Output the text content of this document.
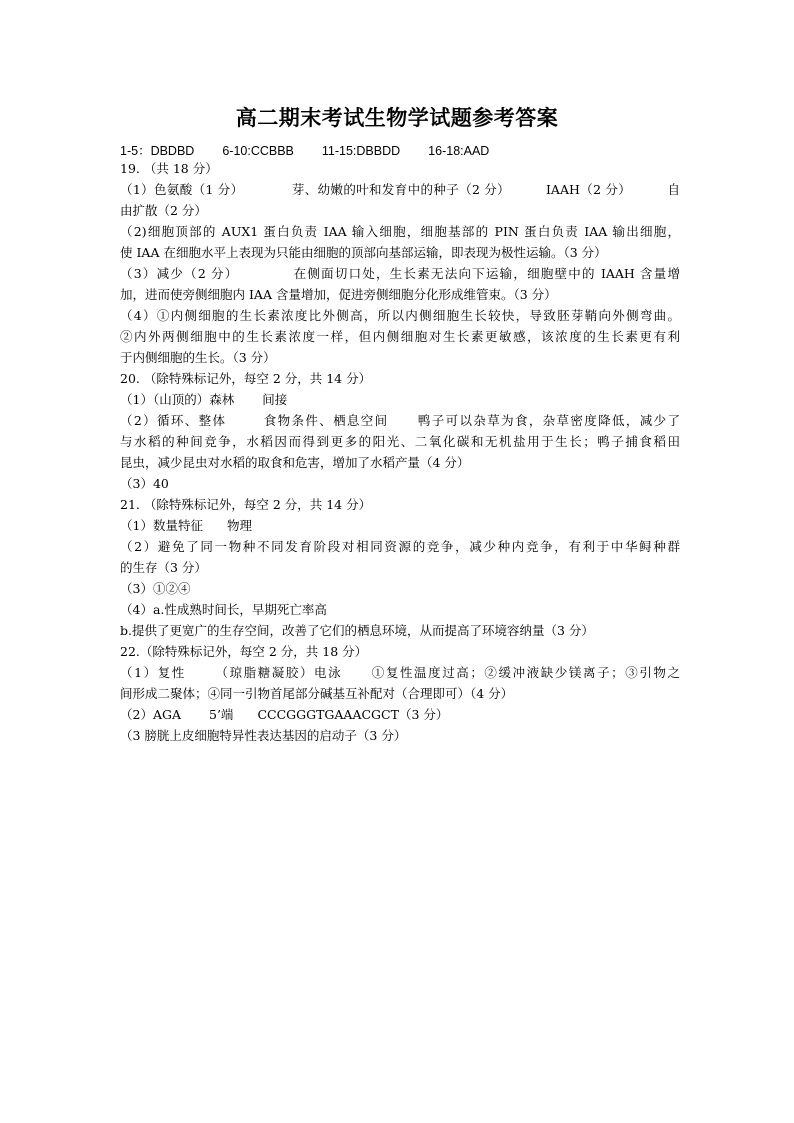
高二期末考试生物学试题参考答案
1-5：DBDBD 6-10:CCBBB 11-15:DBBDD 16-18:AAD
19. （共 18 分）
（1）色氨酸（1 分）	芽、幼嫩的叶和发育中的种子（2 分）	IAAH（2 分）	自
由扩散（2 分）
（2)细胞顶部的 AUX1 蛋白负责 IAA 输入细胞，细胞基部的 PIN 蛋白负责 IAA 输出细胞，
使 IAA 在细胞水平上表现为只能由细胞的顶部向基部运输，即表现为极性运输。（3 分）
（3）减少（2 分）	在侧面切口处，生长素无法向下运输，细胞壁中的 IAAH 含量增
加，进而使旁侧细胞内 IAA 含量增加，促进旁侧细胞分化形成维管束。（3 分）
（4）①内侧细胞的生长素浓度比外侧高，所以内侧细胞生长较快，导致胚芽鞘向外侧弯曲。
②内外两侧细胞中的生长素浓度一样，但内侧细胞对生长素更敏感，该浓度的生长素更有利
于内侧细胞的生长。（3 分）
20. （除特殊标记外，每空 2 分，共 14 分）
（1）（山顶的）森林 间接
（2）循环、整体	食物条件、栖息空间 鸭子可以杂草为食，杂草密度降低，减少了
与水稻的种间竞争，水稻因而得到更多的阳光、二氧化碳和无机盐用于生长；鸭子捕食稻田
昆虫，减少昆虫对水稻的取食和危害，增加了水稻产量（4 分）
（3）40
21. （除特殊标记外，每空 2 分，共 14 分）
（1）数量特征 物理
（2）避免了同一物种不同发育阶段对相同资源的竞争，减少种内竞争，有利于中华鲟种群
的生存（3 分）
（3）①②④
（4）a.性成熟时间长，早期死亡率高
b.提供了更宽广的生存空间，改善了它们的栖息环境，从而提高了环境容纳量（3 分）
22.（除特殊标记外，每空 2 分，共 18 分）
（1）复性 （琼脂糖凝胶）电泳 ①复性温度过高；②缓冲液缺少镁离子；③引物之
间形成二聚体；④同一引物首尾部分碱基互补配对（合理即可）（4 分）
（2）AGA 5’端 CCCGGGTGAAACGCT（3 分）
（3 膀胱上皮细胞特异性表达基因的启动子（3 分）
